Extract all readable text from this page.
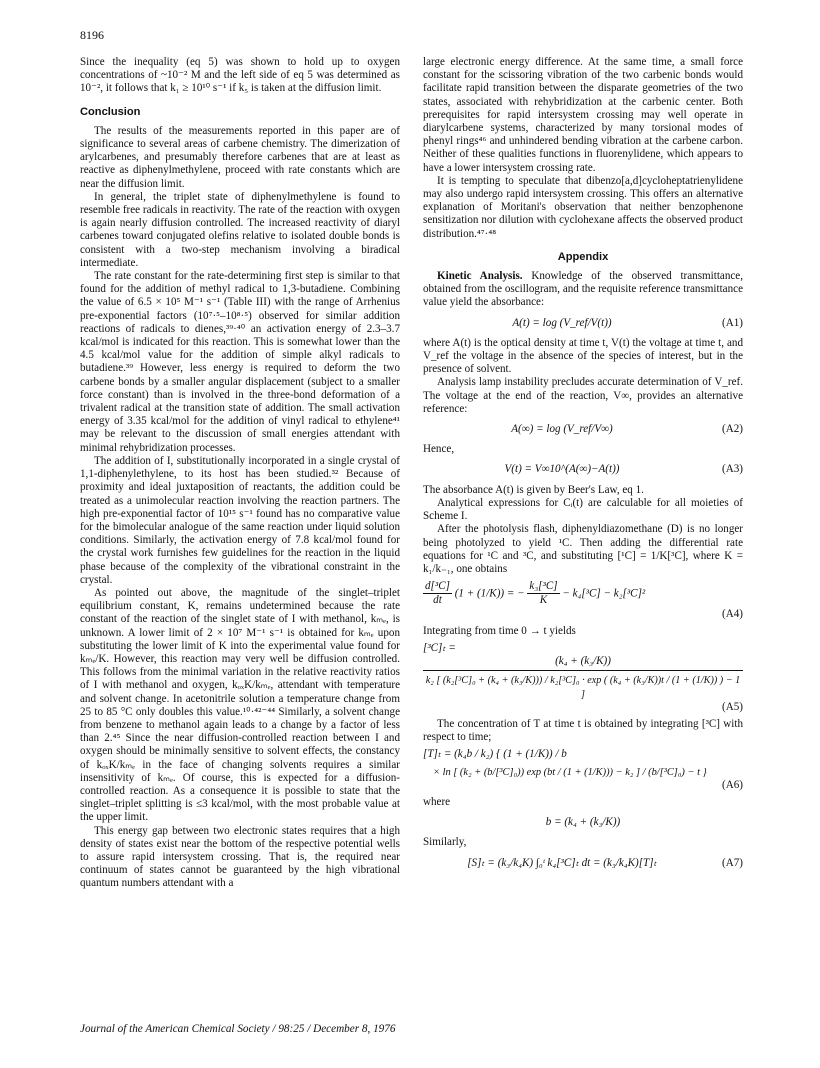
8196

Since the inequality (eq 5) was shown to hold up to oxygen concentrations of ~10⁻² M and the left side of eq 5 was determined as 10⁻², it follows that k₁ ≥ 10¹⁰ s⁻¹ if k₅ is taken at the diffusion limit.

Conclusion

The results of the measurements reported in this paper are of significance to several areas of carbene chemistry. The dimerization of arylcarbenes, and presumably therefore carbenes that are at least as reactive as diphenylmethylene, proceed with rate constants which are near the diffusion limit.

In general, the triplet state of diphenylmethylene is found to resemble free radicals in reactivity. The rate of the reaction with oxygen is again nearly diffusion controlled. The increased reactivity of diaryl carbenes toward conjugated olefins relative to isolated double bonds is consistent with a two-step mechanism involving a biradical intermediate.

The rate constant for the rate-determining first step is similar to that found for the addition of methyl radical to 1,3-butadiene. Combining the value of 6.5 × 10⁵ M⁻¹ s⁻¹ (Table III) with the range of Arrhenius pre-exponential factors (10⁷·⁵–10⁸·⁵) observed for similar addition reactions of radicals to dienes,³⁹·⁴⁰ an activation energy of 2.3–3.7 kcal/mol is indicated for this reaction. This is somewhat lower than the 4.5 kcal/mol value for the addition of simple alkyl radicals to butadiene.³⁹ However, less energy is required to deform the two carbene bonds by a smaller angular displacement (subject to a smaller force constant) than is involved in the three-bond deformation of a trivalent radical at the transition state of addition. The small activation energy of 3.35 kcal/mol for the addition of vinyl radical to ethylene⁴¹ may be relevant to the discussion of small energies attendant with minimal rehybridization processes.

The addition of I, substitutionally incorporated in a single crystal of 1,1-diphenylethylene, to its host has been studied.³² Because of proximity and ideal juxtaposition of reactants, the addition could be treated as a unimolecular reaction involving the reaction partners. The high pre-exponential factor of 10¹⁵ s⁻¹ found has no comparative value for the bimolecular analogue of the same reaction under liquid solution conditions. Similarly, the activation energy of 7.8 kcal/mol found for the crystal work furnishes few guidelines for the reaction in the liquid phase because of the complexity of the vibrational constraint in the crystal.

As pointed out above, the magnitude of the singlet–triplet equilibrium constant, K, remains undetermined because the rate constant of the reaction of the singlet state of I with methanol, kₘₑ, is unknown. A lower limit of 2 × 10⁷ M⁻¹ s⁻¹ is obtained for kₘₑ upon substituting the lower limit of K into the experimental value found for kₘₑ/K. However, this reaction may very well be diffusion controlled. This follows from the minimal variation in the relative reactivity ratios of I with methanol and oxygen, kₒₓK/kₘₑ, attendant with temperature and solvent change. In acetonitrile solution a temperature change from 25 to 85 °C only doubles this value.¹⁰·⁴²⁻⁴⁴ Similarly, a solvent change from benzene to methanol again leads to a change by a factor of less than 2.⁴⁵ Since the near diffusion-controlled reaction between I and oxygen should be minimally sensitive to solvent effects, the constancy of kₒₓK/kₘₑ in the face of changing solvents requires a similar insensitivity of kₘₑ. Of course, this is expected for a diffusion-controlled reaction. As a consequence it is possible to state that the singlet–triplet splitting is ≤3 kcal/mol, with the most probable value at the upper limit.

This energy gap between two electronic states requires that a high density of states exist near the bottom of the respective potential wells to assure rapid intersystem crossing. That is, the required near continuum of states cannot be guaranteed by the high vibrational quantum numbers attendant with a

large electronic energy difference. At the same time, a small force constant for the scissoring vibration of the two carbenic bonds would facilitate rapid transition between the disparate geometries of the two states, associated with rehybridization at the carbenic center. Both prerequisites for rapid intersystem crossing may well operate in diarylcarbene systems, characterized by many torsional modes of phenyl rings⁴⁶ and unhindered bending vibration at the carbene carbon. Neither of these qualities functions in fluorenylidene, which appears to have a lower intersystem crossing rate.

It is tempting to speculate that dibenzo[a,d]cycloheptatrienylidene may also undergo rapid intersystem crossing. This offers an alternative explanation of Moritani's observation that neither benzophenone sensitization nor dilution with cyclohexane affects the observed product distribution.⁴⁷·⁴⁸

Appendix

Kinetic Analysis. Knowledge of the observed transmittance, obtained from the oscillogram, and the requisite reference transmittance value yield the absorbance:

A(t) = log (V_ref/V(t))	(A1)

where A(t) is the optical density at time t, V(t) the voltage at time t, and V_ref the voltage in the absence of the species of interest, but in the presence of solvent.

Analysis lamp instability precludes accurate determination of V_ref. The voltage at the end of the reaction, V∞, provides an alternative reference:

A(∞) = log (V_ref/V∞)	(A2)

Hence,

V(t) = V∞10^(A(∞)−A(t))	(A3)

The absorbance A(t) is given by Beer's Law, eq 1.

Analytical expressions for Cᵢ(t) are calculable for all moieties of Scheme I.

After the photolysis flash, diphenyldiazomethane (D) is no longer being photolyzed to yield ¹C. Then adding the differential rate equations for ¹C and ³C, and substituting [¹C] = 1/K[³C], where K = k₁/k₋₁, one obtains

$\frac{\text{d[³C]}}{dt} (1 + (1/K))$ = − $\frac{\text{k₃[³C]}}{K} - k_4[^3C] - k_2[^3C]^2$
(A4)

Integrating from time 0 → t yields

[³C]ₜ =
(k₄ + (k₃/K))
k₂ [ (k₂[³C]₀ + (k₄ + (k₃/K))) / k₂[³C]₀ · exp ( (k₄ + (k₃/K))t / (1 + (1/K)) ) − 1 ]
(A5)

The concentration of T at time t is obtained by integrating [³C] with respect to time;

[T]ₜ = (k₄b / k₂) { (1 + (1/K)) / b
× ln [ (k₂ + (b/[³C]₀)) exp (bt / (1 + (1/K))) − k₂ ] / (b/[³C]₀) − t }
(A6)

where

b = (k₄ + (k₃/K))

Similarly,

[S]ₜ = (k₃/k₄K) ∫₀ᵗ k₄[³C]ₜ dt = (k₃/k₄K)[T]ₜ	(A7)
Journal of the American Chemical Society / 98:25 / December 8, 1976
